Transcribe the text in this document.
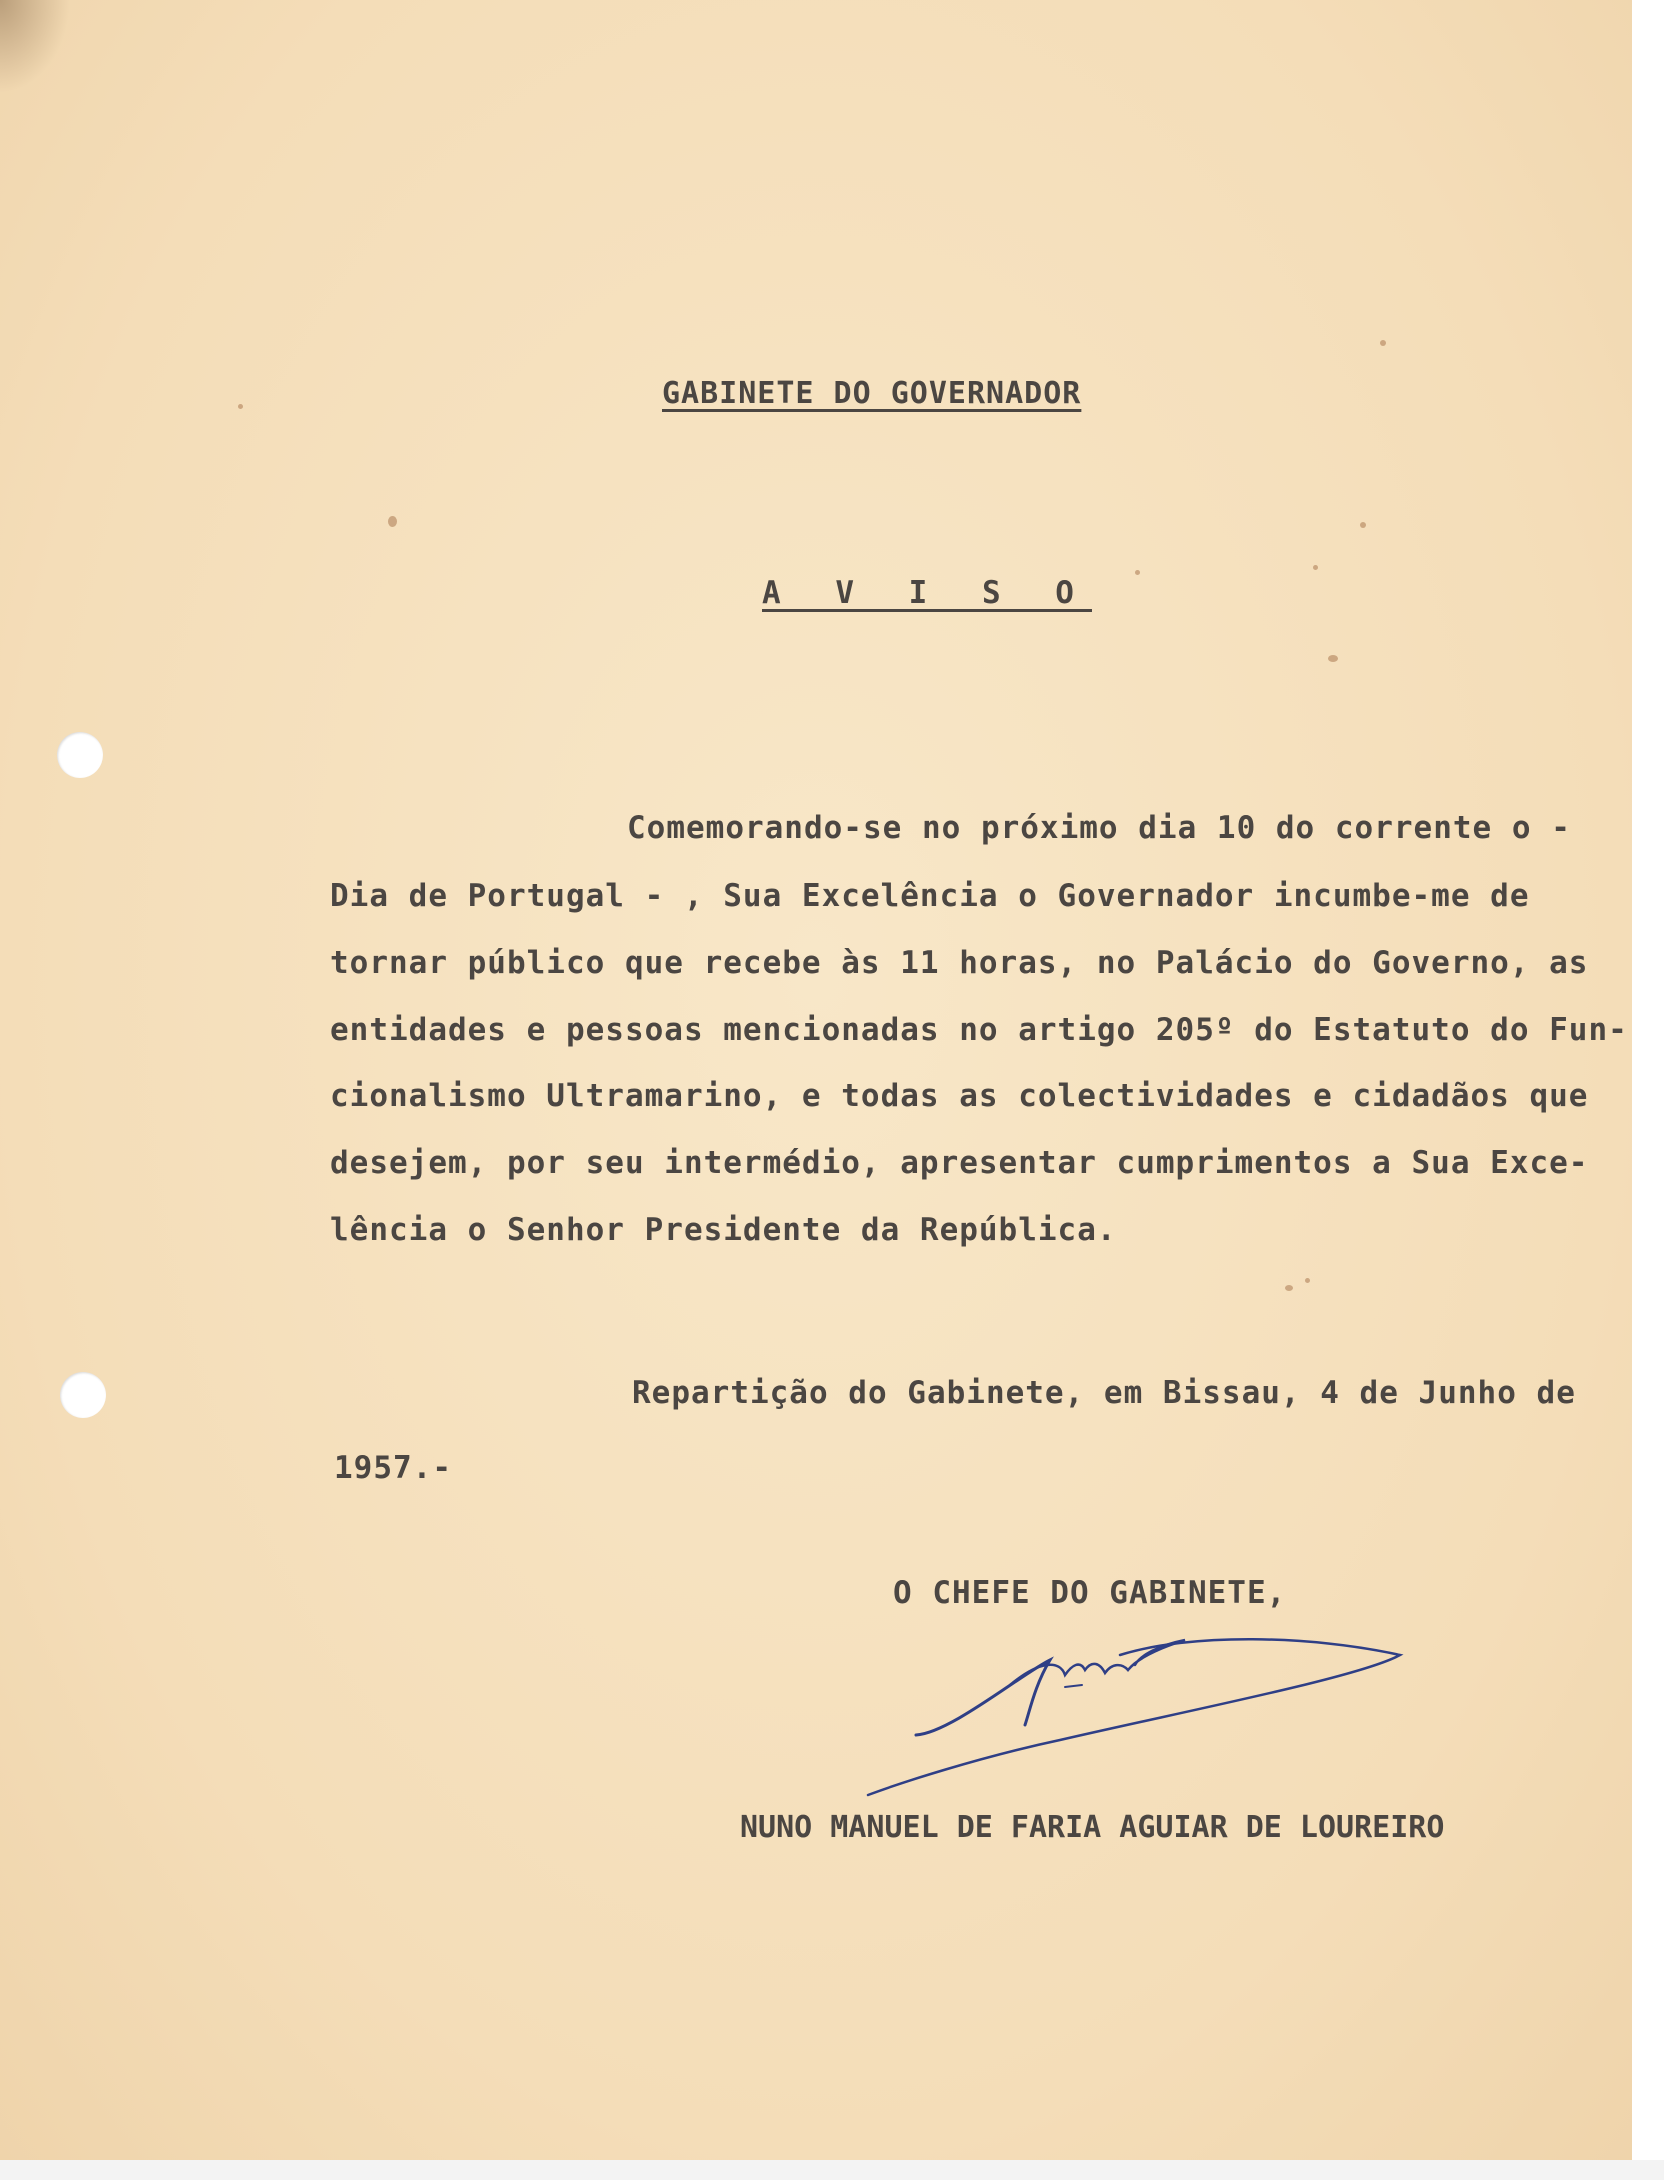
GABINETE DO GOVERNADOR
A V I S O
Comemorando-se no próximo dia 10 do corrente o -
Dia de Portugal - , Sua Excelência o Governador incumbe-me de
tornar público que recebe às 11 horas, no Palácio do Governo, as
entidades e pessoas mencionadas no artigo 205º do Estatuto do Fun-
cionalismo Ultramarino, e todas as colectividades e cidadãos que
desejem, por seu intermédio, apresentar cumprimentos a Sua Exce-
lência o Senhor Presidente da República.
Repartição do Gabinete, em Bissau, 4 de Junho de
1957.-
O CHEFE DO GABINETE,
NUNO MANUEL DE FARIA AGUIAR DE LOUREIRO
